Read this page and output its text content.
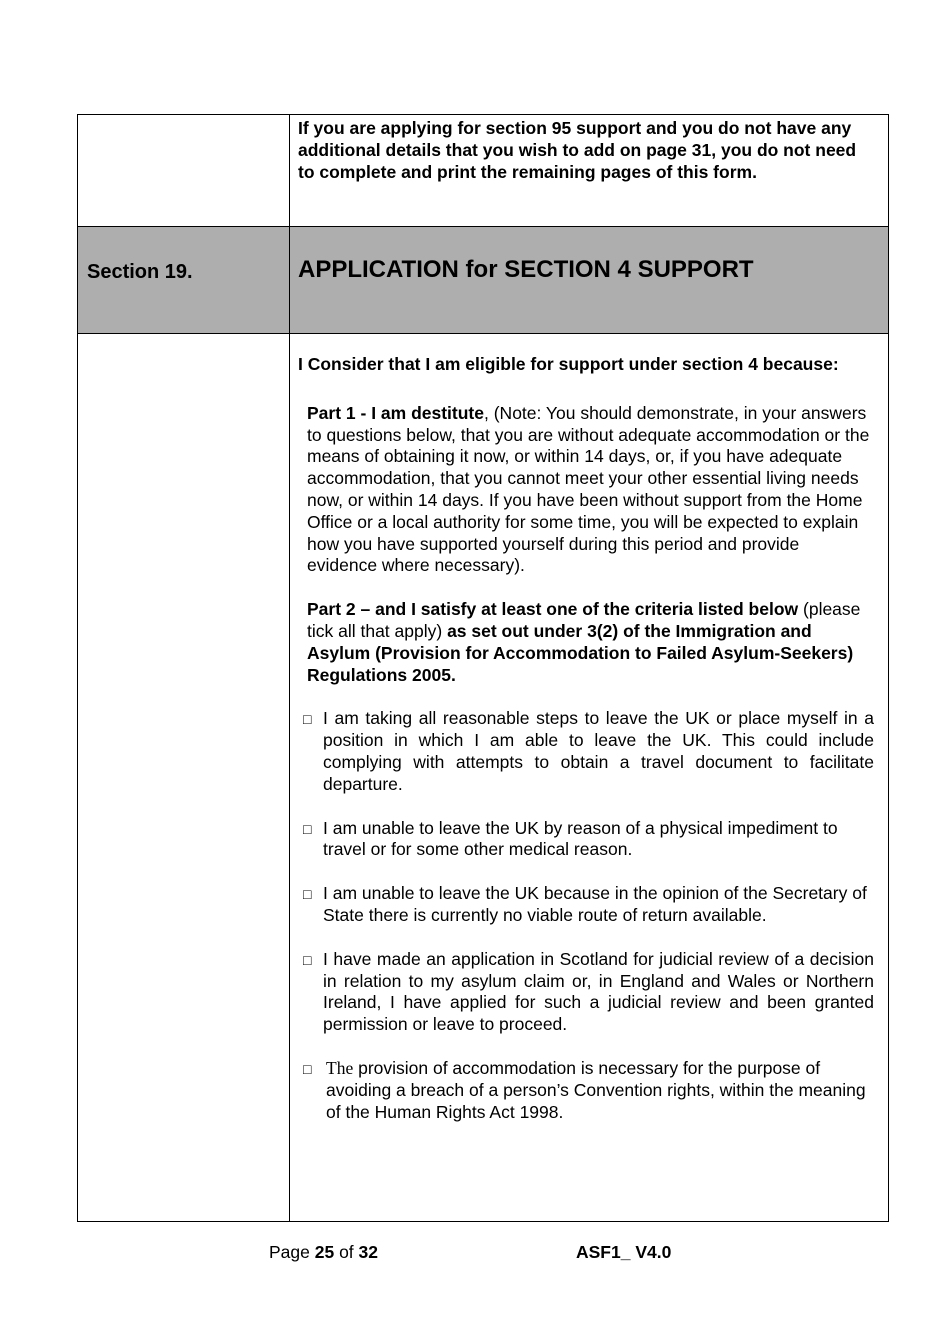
If you are applying for section 95 support and you do not have any additional details that you wish to add on page 31, you do not need to complete and print the remaining pages of this form.
Section 19.	APPLICATION for SECTION 4 SUPPORT

I Consider that I am eligible for support under section 4 because:

Part 1 - I am destitute, (Note: You should demonstrate, in your answers to questions below, that you are without adequate accommodation or the means of obtaining it now, or within 14 days, or, if you have adequate accommodation, that you cannot meet your other essential living needs now, or within 14 days. If you have been without support from the Home Office or a local authority for some time, you will be expected to explain how you have supported yourself during this period and provide evidence where necessary).

Part 2 – and I satisfy at least one of the criteria listed below (please tick all that apply) as set out under 3(2) of the Immigration and Asylum (Provision for Accommodation to Failed Asylum-Seekers) Regulations 2005.

□ I am taking all reasonable steps to leave the UK or place myself in a position in which I am able to leave the UK. This could include complying with attempts to obtain a travel document to facilitate departure.
□ I am unable to leave the UK by reason of a physical impediment to travel or for some other medical reason.
□ I am unable to leave the UK because in the opinion of the Secretary of State there is currently no viable route of return available.
□ I have made an application in Scotland for judicial review of a decision in relation to my asylum claim or, in England and Wales or Northern Ireland, I have applied for such a judicial review and been granted permission or leave to proceed.
□ The provision of accommodation is necessary for the purpose of avoiding a breach of a person’s Convention rights, within the meaning of the Human Rights Act 1998.
Page 25 of 32	ASF1_ V4.0
